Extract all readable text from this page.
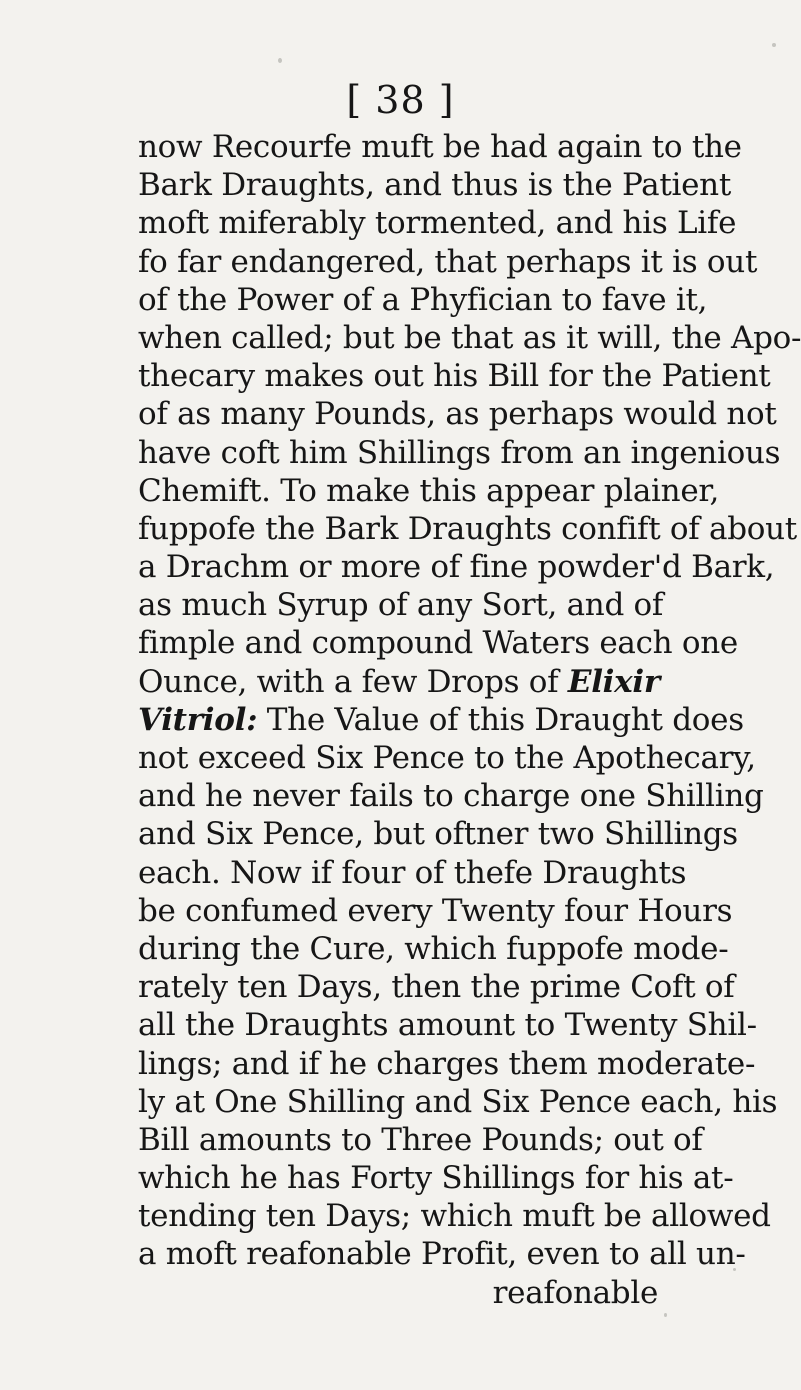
[ 38 ]
now Recourfe muft be had again to the
Bark Draughts, and thus is the Patient
moft miferably tormented, and his Life
fo far endangered, that perhaps it is out
of the Power of a Phyfician to fave it,
when called; but be that as it will, the Apo-
thecary makes out his Bill for the Patient
of as many Pounds, as perhaps would not
have coft him Shillings from an ingenious
Chemift. To make this appear plainer,
fuppofe the Bark Draughts confift of about
a Drachm or more of fine powder'd Bark,
as much Syrup of any Sort, and of
fimple and compound Waters each one
Ounce, with a few Drops of Elixir
Vitriol: The Value of this Draught does
not exceed Six Pence to the Apothecary,
and he never fails to charge one Shilling
and Six Pence, but oftner two Shillings
each. Now if four of thefe Draughts
be confumed every Twenty four Hours
during the Cure, which fuppofe mode-
rately ten Days, then the prime Coft of
all the Draughts amount to Twenty Shil-
lings; and if he charges them moderate-
ly at One Shilling and Six Pence each, his
Bill amounts to Three Pounds; out of
which he has Forty Shillings for his at-
tending ten Days; which muft be allowed
a moft reafonable Profit, even to all un-
reafonable
